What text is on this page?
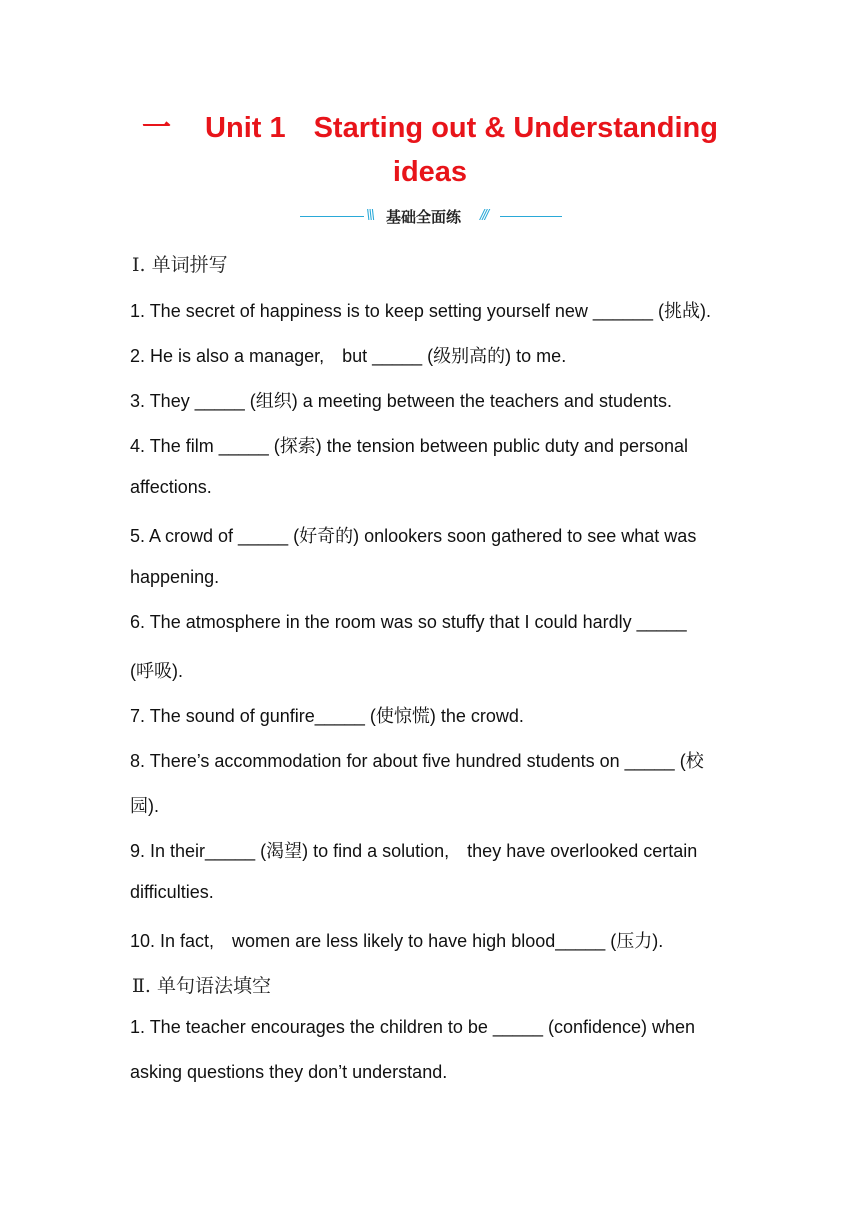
一 Unit 1 Starting out & Understanding
ideas
\\\ 基础全面练 ///
Ⅰ. 单词拼写
1. The secret of happiness is to keep setting yourself new ______ (挑战).
2. He is also a manager,　but _____ (级别高的) to me.
3. They _____ (组织) a meeting between the teachers and students.
4. The film _____ (探索) the tension between public duty and personal
affections.
5. A crowd of _____ (好奇的) onlookers soon gathered to see what was
happening.
6. The atmosphere in the room was so stuffy that I could hardly _____
(呼吸).
7. The sound of gunfire_____ (使惊慌) the crowd.
8. There’s accommodation for about five hundred students on _____ (校
园).
9. In their_____ (渴望) to find a solution,　they have overlooked certain
difficulties.
10. In fact,　women are less likely to have high blood_____ (压力).
Ⅱ. 单句语法填空
1. The teacher encourages the children to be _____ (confidence) when
asking questions they don’t understand.
